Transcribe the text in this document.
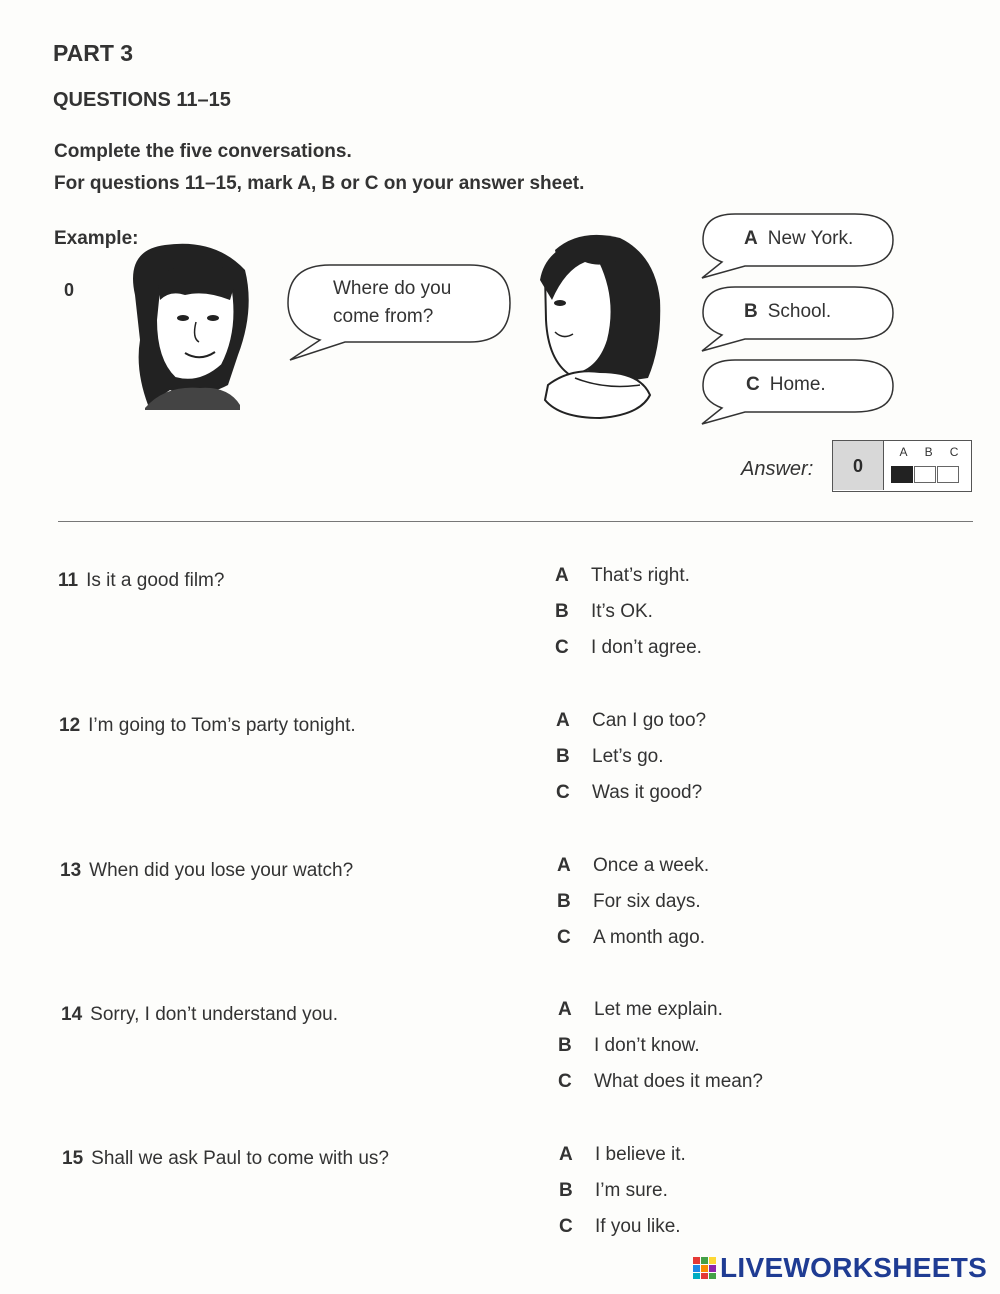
PART 3
QUESTIONS 11–15
Complete the five conversations.
For questions 11–15, mark A, B or C on your answer sheet.
Example:
0	Where do you
come from?
A New York.
B School.
C Home.
Answer:	0
A B C
11 Is it a good film?	A That’s right.
B It’s OK.
C I don’t agree.
12 I’m going to Tom’s party tonight.	A Can I go too?
B Let’s go.
C Was it good?
13 When did you lose your watch?	A Once a week.
B For six days.
C A month ago.
14 Sorry, I don’t understand you.	A Let me explain.
B I don’t know.
C What does it mean?
15 Shall we ask Paul to come with us?	A I believe it.
B I’m sure.
C If you like.
LIVEWORKSHEETS
